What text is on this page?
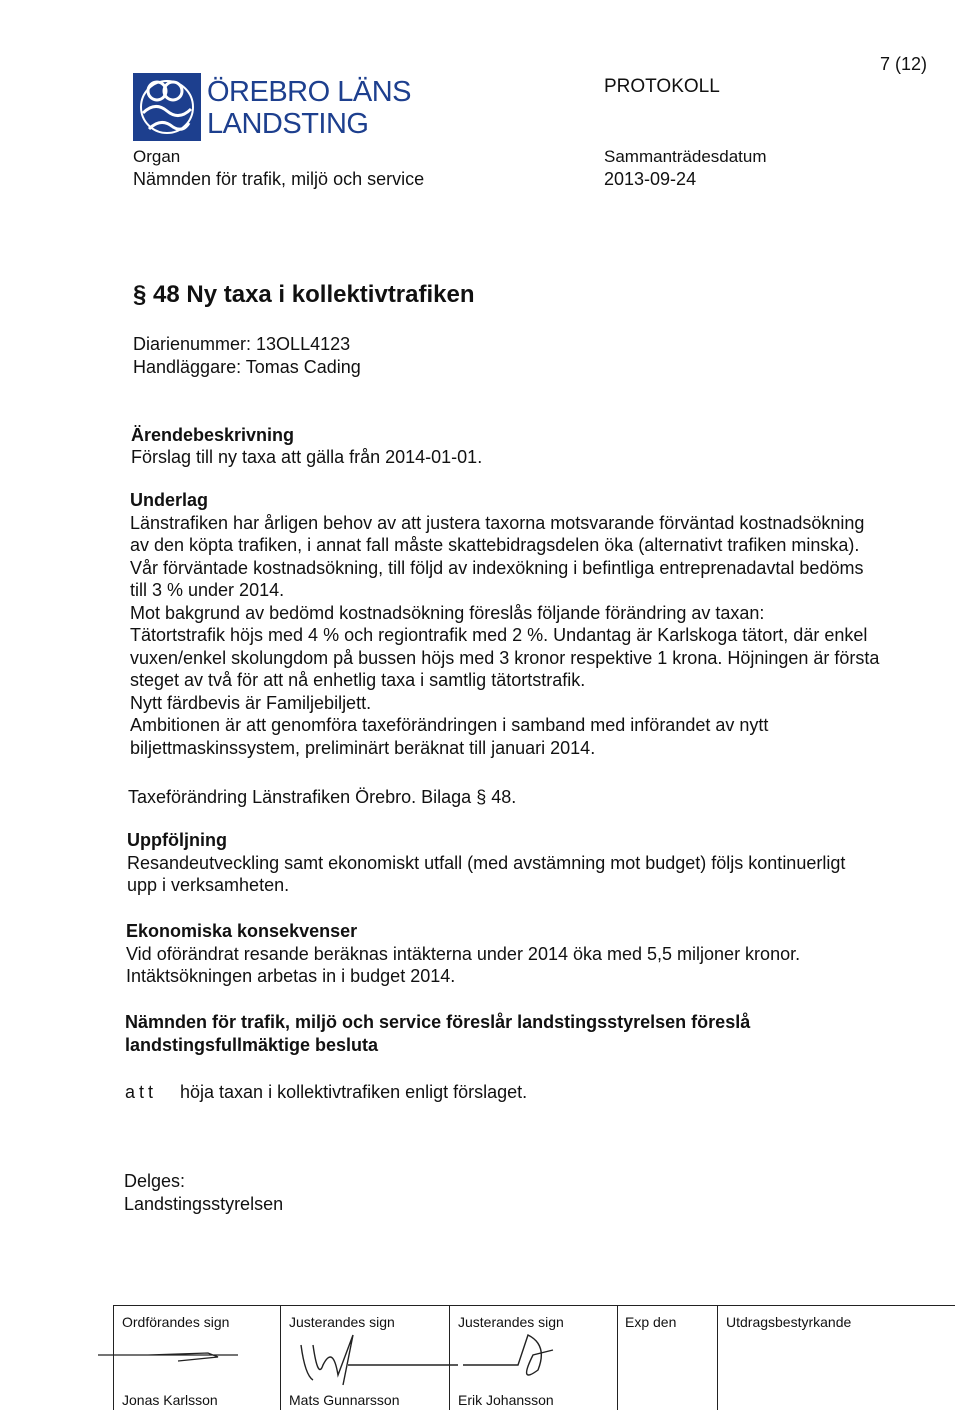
7 (12)
ÖREBRO LÄNS
LANDSTING
PROTOKOLL
Organ
Nämnden för trafik, miljö och service
Sammanträdesdatum
2013-09-24
§ 48 Ny taxa i kollektivtrafiken
Diarienummer: 13OLL4123
Handläggare: Tomas Cading
Ärendebeskrivning
Förslag till ny taxa att gälla från 2014-01-01.
Underlag
Länstrafiken har årligen behov av att justera taxorna motsvarande förväntad kostnadsökning
av den köpta trafiken, i annat fall måste skattebidragsdelen öka (alternativt trafiken minska).
Vår förväntade kostnadsökning, till följd av indexökning i befintliga entreprenadavtal bedöms
till 3 % under 2014.
Mot bakgrund av bedömd kostnadsökning föreslås följande förändring av taxan:
Tätortstrafik höjs med 4 % och regiontrafik med 2 %. Undantag är Karlskoga tätort, där enkel
vuxen/enkel skolungdom på bussen höjs med 3 kronor respektive 1 krona. Höjningen är första
steget av två för att nå enhetlig taxa i samtlig tätortstrafik.
Nytt färdbevis är Familjebiljett.
Ambitionen är att genomföra taxeförändringen i samband med införandet av nytt
biljettmaskinssystem, preliminärt beräknat till januari 2014.
Taxeförändring Länstrafiken Örebro. Bilaga § 48.
Uppföljning
Resandeutveckling samt ekonomiskt utfall (med avstämning mot budget) följs kontinuerligt
upp i verksamheten.
Ekonomiska konsekvenser
Vid oförändrat resande beräknas intäkterna under 2014 öka med 5,5 miljoner kronor.
Intäktsökningen arbetas in i budget 2014.
Nämnden för trafik, miljö och service föreslår landstingsstyrelsen föreslå
landstingsfullmäktige besluta
att höja taxan i kollektivtrafiken enligt förslaget.
Delges:
Landstingsstyrelsen
Ordförandes sign	Justerandes sign	Justerandes sign	Exp den	Utdragsbestyrkande
Jonas Karlsson	Mats Gunnarsson	Erik Johansson
